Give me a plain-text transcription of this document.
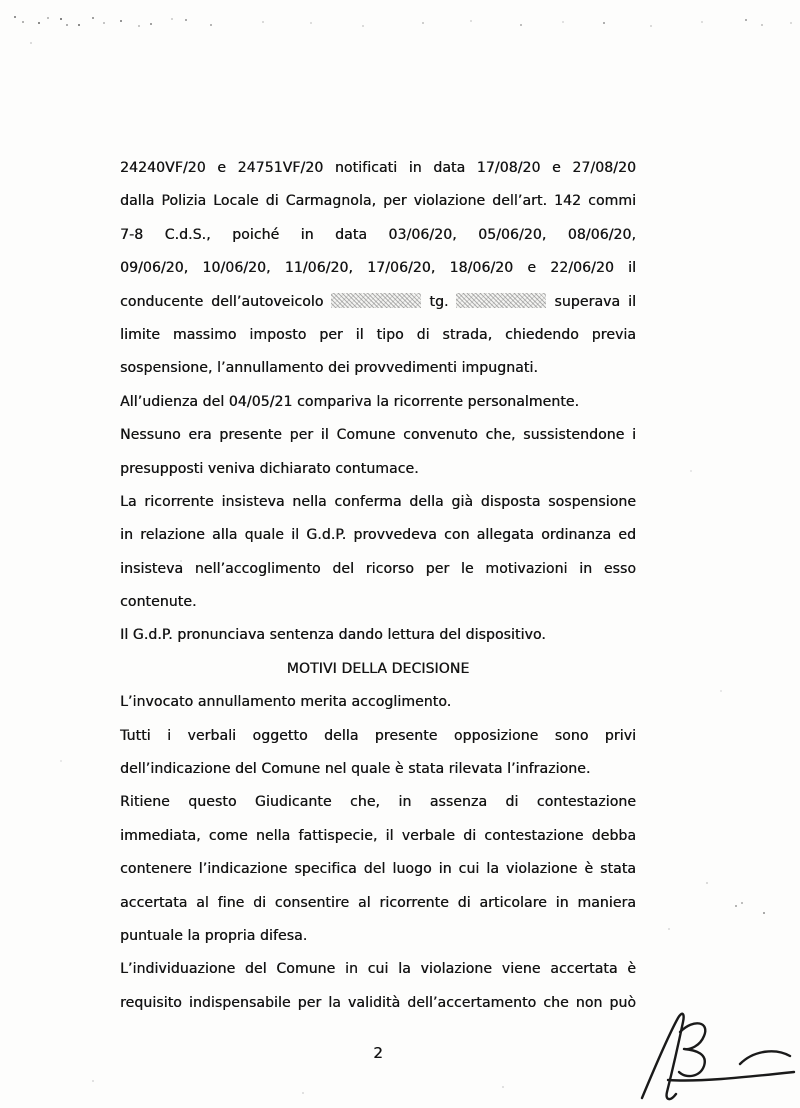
24240VF/20 e 24751VF/20 notificati in data 17/08/20 e 27/08/20
dalla Polizia Locale di Carmagnola, per violazione dell’art. 142 commi
7-8 C.d.S., poiché in data 03/06/20, 05/06/20, 08/06/20,
09/06/20, 10/06/20, 11/06/20, 17/06/20, 18/06/20 e 22/06/20 il
conducente dell’autoveicolo	tg.	superava il
limite massimo imposto per il tipo di strada, chiedendo previa
sospensione, l’annullamento dei provvedimenti impugnati.
All’udienza del 04/05/21 compariva la ricorrente personalmente.
Nessuno era presente per il Comune convenuto che, sussistendone i
presupposti veniva dichiarato contumace.
La ricorrente insisteva nella conferma della già disposta sospensione
in relazione alla quale il G.d.P. provvedeva con allegata ordinanza ed
insisteva nell’accoglimento del ricorso per le motivazioni in esso
contenute.
Il G.d.P. pronunciava sentenza dando lettura del dispositivo.
MOTIVI DELLA DECISIONE
L’invocato annullamento merita accoglimento.
Tutti i verbali oggetto della presente opposizione sono privi
dell’indicazione del Comune nel quale è stata rilevata l’infrazione.
Ritiene questo Giudicante che, in assenza di contestazione
immediata, come nella fattispecie, il verbale di contestazione debba
contenere l’indicazione specifica del luogo in cui la violazione è stata
accertata al fine di consentire al ricorrente di articolare in maniera
puntuale la propria difesa.
L’individuazione del Comune in cui la violazione viene accertata è
requisito indispensabile per la validità dell’accertamento che non può
2
